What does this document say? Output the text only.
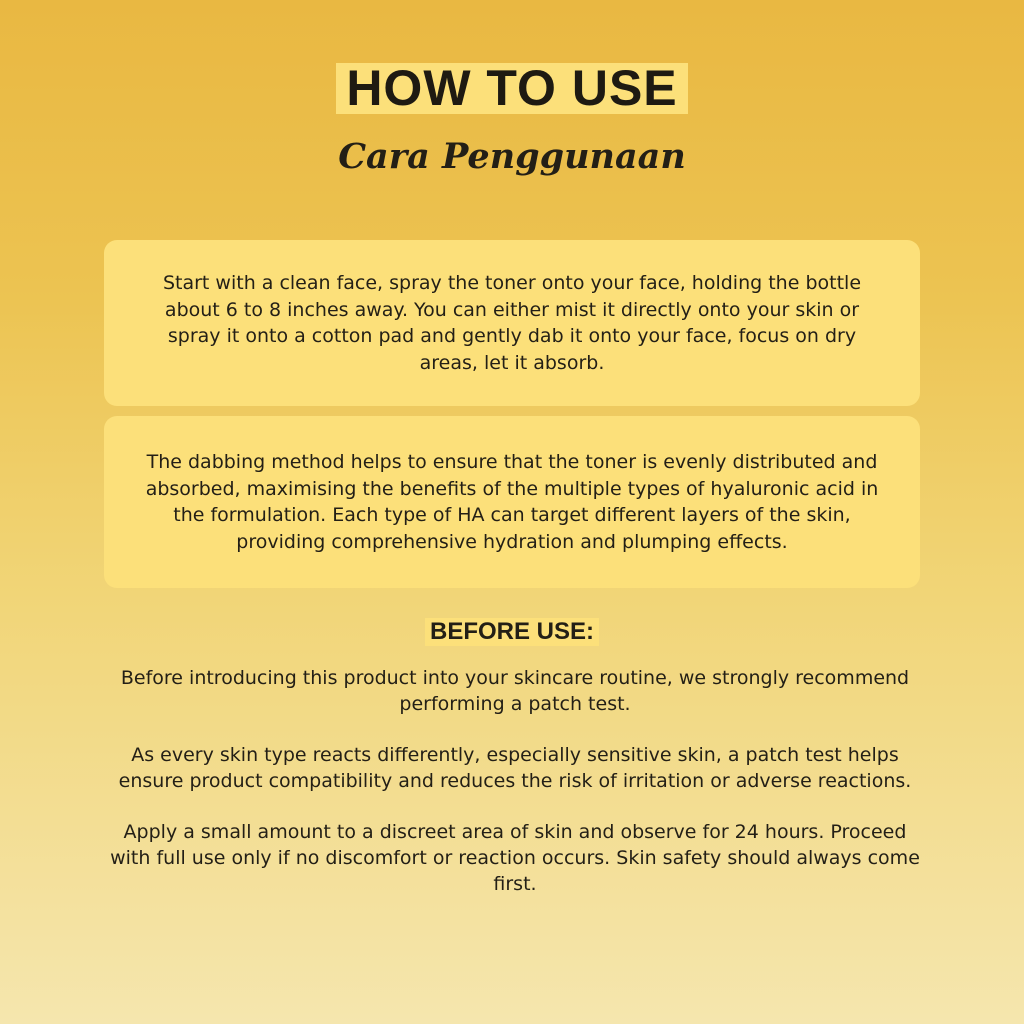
HOW TO USE
Cara Penggunaan
Start with a clean face, spray the toner onto your face, holding the bottle about 6 to 8 inches away. You can either mist it directly onto your skin or spray it onto a cotton pad and gently dab it onto your face, focus on dry areas, let it absorb.
The dabbing method helps to ensure that the toner is evenly distributed and absorbed, maximising the benefits of the multiple types of hyaluronic acid in the formulation. Each type of HA can target different layers of the skin, providing comprehensive hydration and plumping effects.
BEFORE USE:
Before introducing this product into your skincare routine, we strongly recommend performing a patch test.
As every skin type reacts differently, especially sensitive skin, a patch test helps ensure product compatibility and reduces the risk of irritation or adverse reactions.
Apply a small amount to a discreet area of skin and observe for 24 hours. Proceed with full use only if no discomfort or reaction occurs. Skin safety should always come first.
